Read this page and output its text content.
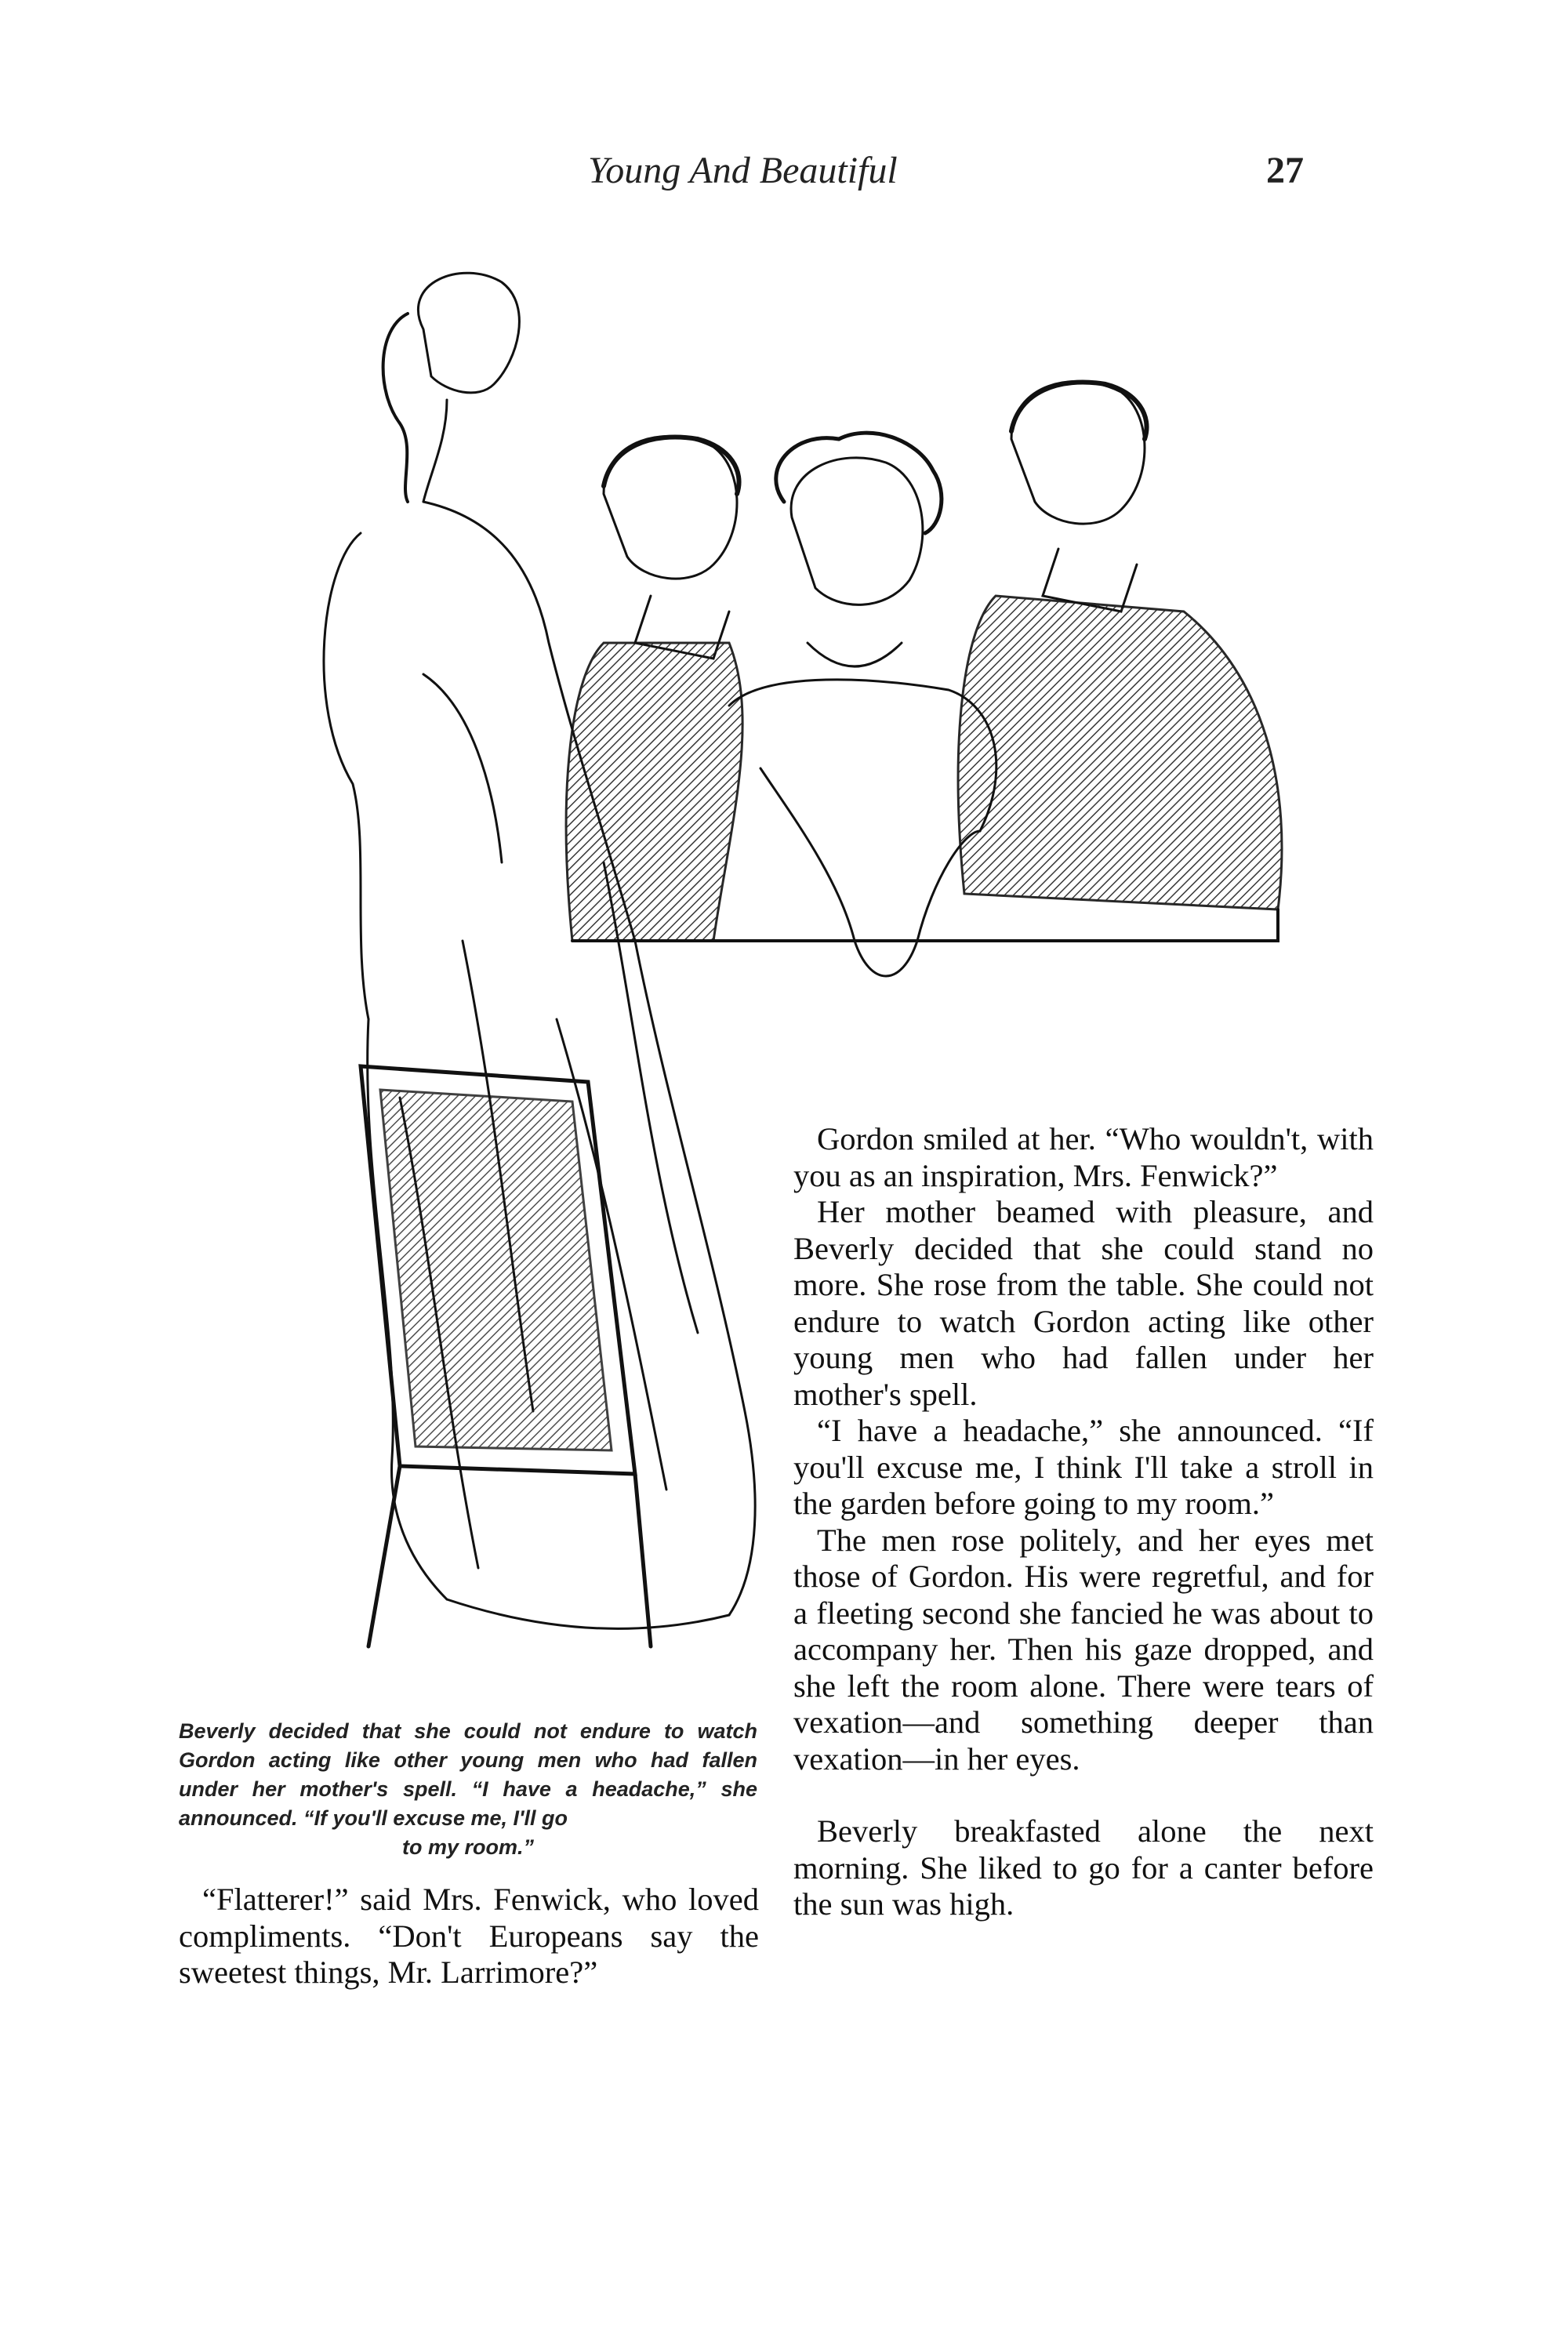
Young And Beautiful	27
Beverly decided that she could not endure to watch Gordon acting like other young men who had fallen under her mother's spell. “I have a headache,” she announced. “If you'll excuse me, I'll go
to my room.”

“Flatterer!” said Mrs. Fenwick, who loved compliments. “Don't Europeans say the sweetest things, Mr. Larrimore?”

Gordon smiled at her. “Who wouldn't, with you as an inspiration, Mrs. Fenwick?”

Her mother beamed with pleasure, and Beverly decided that she could stand no more. She rose from the table. She could not endure to watch Gordon acting like other young men who had fallen under her mother's spell.

“I have a headache,” she announced. “If you'll excuse me, I think I'll take a stroll in the garden before going to my room.”

The men rose politely, and her eyes met those of Gordon. His were regretful, and for a fleeting second she fancied he was about to accompany her. Then his gaze dropped, and she left the room alone. There were tears of vexation—and something deeper than vexation—in her eyes.

Beverly breakfasted alone the next morning. She liked to go for a canter before the sun was high.
